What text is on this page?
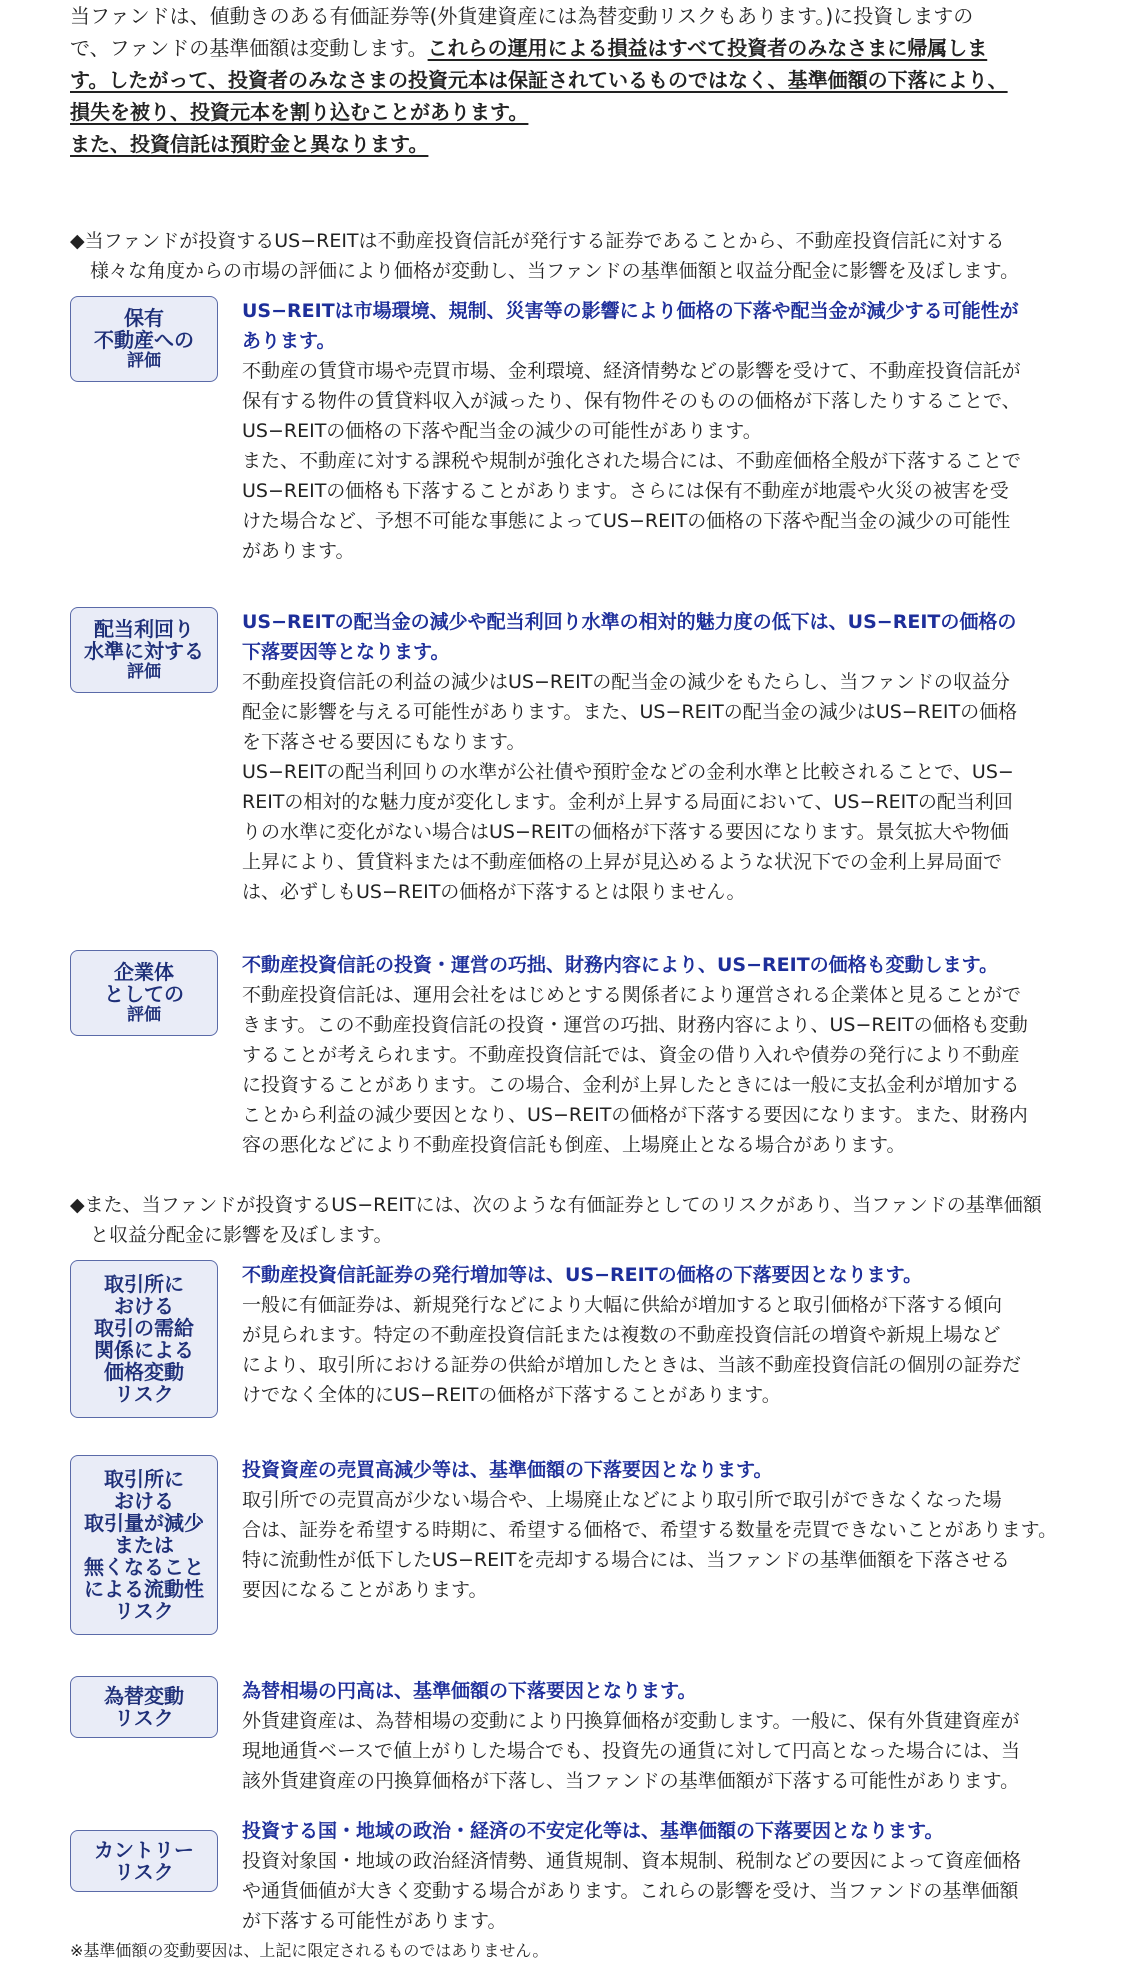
当ファンドは、値動きのある有価証券等(外貨建資産には為替変動リスクもあります。)に投資しますの

で、ファンドの基準価額は変動します。これらの運用による損益はすべて投資者のみなさまに帰属しま

す。したがって、投資者のみなさまの投資元本は保証されているものではなく、基準価額の下落により、

損失を被り、投資元本を割り込むことがあります。

また、投資信託は預貯金と異なります。

◆当ファンドが投資するUS−REITは不動産投資信託が発行する証券であることから、不動産投資信託に対する
様々な角度からの市場の評価により価格が変動し、当ファンドの基準価額と収益分配金に影響を及ぼします。
保有
不動産への
評価

US−REITは市場環境、規制、災害等の影響により価格の下落や配当金が減少する可能性が

あります。

不動産の賃貸市場や売買市場、金利環境、経済情勢などの影響を受けて、不動産投資信託が

保有する物件の賃貸料収入が減ったり、保有物件そのものの価格が下落したりすることで、

US−REITの価格の下落や配当金の減少の可能性があります。

また、不動産に対する課税や規制が強化された場合には、不動産価格全般が下落することで

US−REITの価格も下落することがあります。さらには保有不動産が地震や火災の被害を受

けた場合など、予想不可能な事態によってUS−REITの価格の下落や配当金の減少の可能性

があります。

配当利回り
水準に対する
評価

US−REITの配当金の減少や配当利回り水準の相対的魅力度の低下は、US−REITの価格の

下落要因等となります。

不動産投資信託の利益の減少はUS−REITの配当金の減少をもたらし、当ファンドの収益分

配金に影響を与える可能性があります。また、US−REITの配当金の減少はUS−REITの価格

を下落させる要因にもなります。

US−REITの配当利回りの水準が公社債や預貯金などの金利水準と比較されることで、US−

REITの相対的な魅力度が変化します。金利が上昇する局面において、US−REITの配当利回

りの水準に変化がない場合はUS−REITの価格が下落する要因になります。景気拡大や物価

上昇により、賃貸料または不動産価格の上昇が見込めるような状況下での金利上昇局面で

は、必ずしもUS−REITの価格が下落するとは限りません。

企業体
としての
評価

不動産投資信託の投資・運営の巧拙、財務内容により、US−REITの価格も変動します。

不動産投資信託は、運用会社をはじめとする関係者により運営される企業体と見ることがで

きます。この不動産投資信託の投資・運営の巧拙、財務内容により、US−REITの価格も変動

することが考えられます。不動産投資信託では、資金の借り入れや債券の発行により不動産

に投資することがあります。この場合、金利が上昇したときには一般に支払金利が増加する

ことから利益の減少要因となり、US−REITの価格が下落する要因になります。また、財務内

容の悪化などにより不動産投資信託も倒産、上場廃止となる場合があります。

◆また、当ファンドが投資するUS−REITには、次のような有価証券としてのリスクがあり、当ファンドの基準価額
と収益分配金に影響を及ぼします。
取引所に
おける
取引の需給
関係による
価格変動
リスク

不動産投資信託証券の発行増加等は、US−REITの価格の下落要因となります。

一般に有価証券は、新規発行などにより大幅に供給が増加すると取引価格が下落する傾向

が見られます。特定の不動産投資信託または複数の不動産投資信託の増資や新規上場など

により、取引所における証券の供給が増加したときは、当該不動産投資信託の個別の証券だ

けでなく全体的にUS−REITの価格が下落することがあります。

取引所に
おける
取引量が減少
または
無くなること
による流動性
リスク

投資資産の売買高減少等は、基準価額の下落要因となります。

取引所での売買高が少ない場合や、上場廃止などにより取引所で取引ができなくなった場

合は、証券を希望する時期に、希望する価格で、希望する数量を売買できないことがあります。

特に流動性が低下したUS−REITを売却する場合には、当ファンドの基準価額を下落させる

要因になることがあります。

為替変動
リスク

為替相場の円高は、基準価額の下落要因となります。

外貨建資産は、為替相場の変動により円換算価格が変動します。一般に、保有外貨建資産が

現地通貨ベースで値上がりした場合でも、投資先の通貨に対して円高となった場合には、当

該外貨建資産の円換算価格が下落し、当ファンドの基準価額が下落する可能性があります。

カントリー
リスク

投資する国・地域の政治・経済の不安定化等は、基準価額の下落要因となります。

投資対象国・地域の政治経済情勢、通貨規制、資本規制、税制などの要因によって資産価格

や通貨価値が大きく変動する場合があります。これらの影響を受け、当ファンドの基準価額

が下落する可能性があります。

※基準価額の変動要因は、上記に限定されるものではありません。
